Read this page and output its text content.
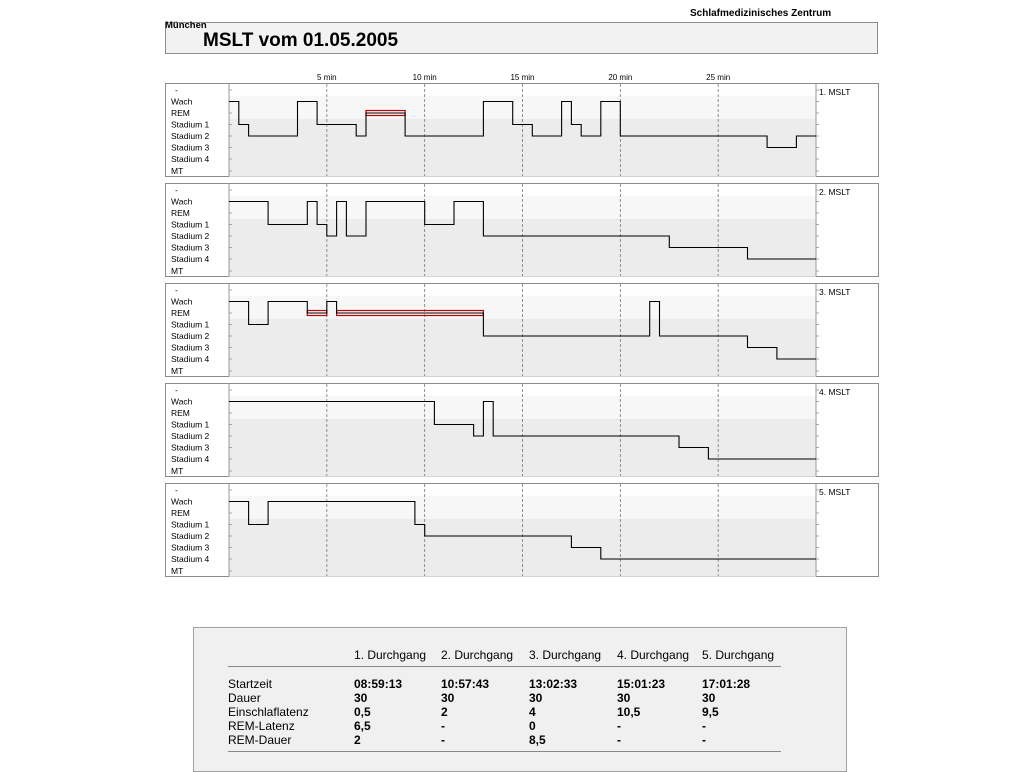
Schlafmedizinisches Zentrum
München
MSLT vom 01.05.2005
5 min	10 min	15 min	20 min	25 min
-
Wach
REM
Stadium 1
Stadium 2
Stadium 3
Stadium 4
MT
1. MSLT
-
Wach
REM
Stadium 1
Stadium 2
Stadium 3
Stadium 4
MT
2. MSLT
-
Wach
REM
Stadium 1
Stadium 2
Stadium 3
Stadium 4
MT
3. MSLT
-
Wach
REM
Stadium 1
Stadium 2
Stadium 3
Stadium 4
MT
4. MSLT
-
Wach
REM
Stadium 1
Stadium 2
Stadium 3
Stadium 4
MT
5. MSLT
1. Durchgang 2. Durchgang 3. Durchgang 4. Durchgang 5. Durchgang
Startzeit	08:59:13	10:57:43	13:02:33	15:01:23	17:01:28
Dauer	30	30	30	30	30
Einschlaflatenz	0,5	2	4	10,5	9,5
REM-Latenz	6,5	-	0	-	-
REM-Dauer	2	-	8,5	-	-
